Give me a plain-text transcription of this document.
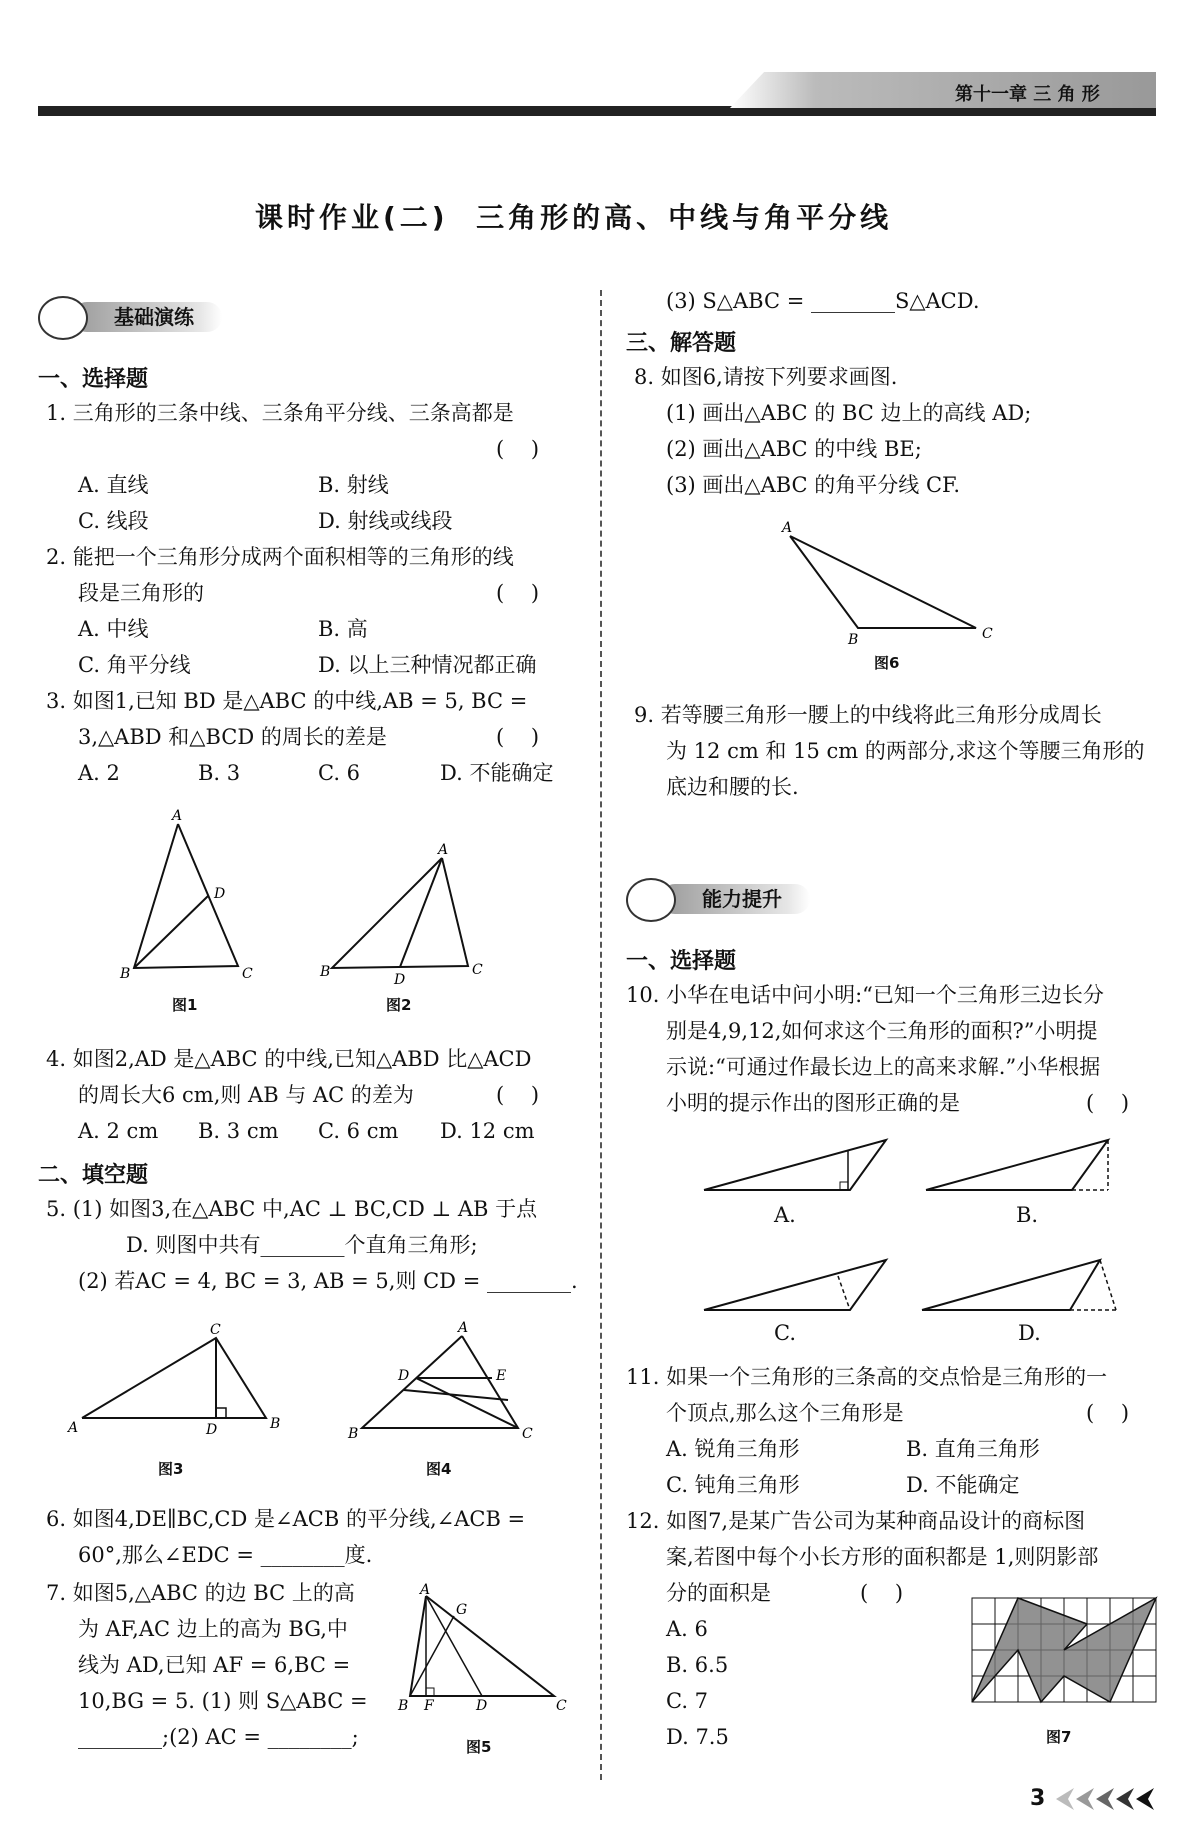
第十一章 三 角 形
课时作业(二)  三角形的高、中线与角平分线
基础演练
一、选择题
1. 三角形的三条中线、三条角平分线、三条高都是
(    )
A. 直线	B. 射线
C. 线段	D. 射线或线段
2. 能把一个三角形分成两个面积相等的三角形的线
段是三角形的	(    )
A. 中线	B. 高
C. 角平分线	D. 以上三种情况都正确
3. 如图1,已知 BD 是△ABC 的中线,AB = 5, BC =
3,△ABD 和△BCD 的周长的差是	(    )
A. 2	B. 3	C. 6	D. 不能确定
A
D
B	C
图1
A
B	D
C
图2
4. 如图2,AD 是△ABC 的中线,已知△ABD 比△ACD
的周长大6 cm,则 AB 与 AC 的差为	(    )
A. 2 cm B. 3 cm C. 6 cm D. 12 cm
二、填空题
5. (1) 如图3,在△ABC 中,AC ⊥ BC,CD ⊥ AB 于点
D. 则图中共有________个直角三角形;
(2) 若AC = 4, BC = 3, AB = 5,则 CD = ________.
C
A	D	B
图3
A
D	E
B	C
图4
6. 如图4,DE∥BC,CD 是∠ACB 的平分线,∠ACB =
60°,那么∠EDC = ________度.
7. 如图5,△ABC 的边 BC 上的高
为 AF,AC 边上的高为 BG,中
线为 AD,已知 AF = 6,BC =
10,BG = 5. (1) 则 S△ABC =
________;(2) AC = ________;
A
G
B F	D	C
图5
(3) S△ABC = ________S△ACD.
三、解答题
8. 如图6,请按下列要求画图.
(1) 画出△ABC 的 BC 边上的高线 AD;
(2) 画出△ABC 的中线 BE;
(3) 画出△ABC 的角平分线 CF.
A
B	C
图6
9. 若等腰三角形一腰上的中线将此三角形分成周长
为 12 cm 和 15 cm 的两部分,求这个等腰三角形的
底边和腰的长.
能力提升
一、选择题
10. 小华在电话中问小明:“已知一个三角形三边长分
别是4,9,12,如何求这个三角形的面积?”小明提
示说:“可通过作最长边上的高来求解.”小华根据
小明的提示作出的图形正确的是	(    )
A.	B.
C.	D.
11. 如果一个三角形的三条高的交点恰是三角形的一
个顶点,那么这个三角形是	(    )
A. 锐角三角形	B. 直角三角形
C. 钝角三角形	D. 不能确定
12. 如图7,是某广告公司为某种商品设计的商标图
案,若图中每个小长方形的面积都是 1,则阴影部
分的面积是	(    )
A. 6
B. 6.5
C. 7
D. 7.5	图7
3
